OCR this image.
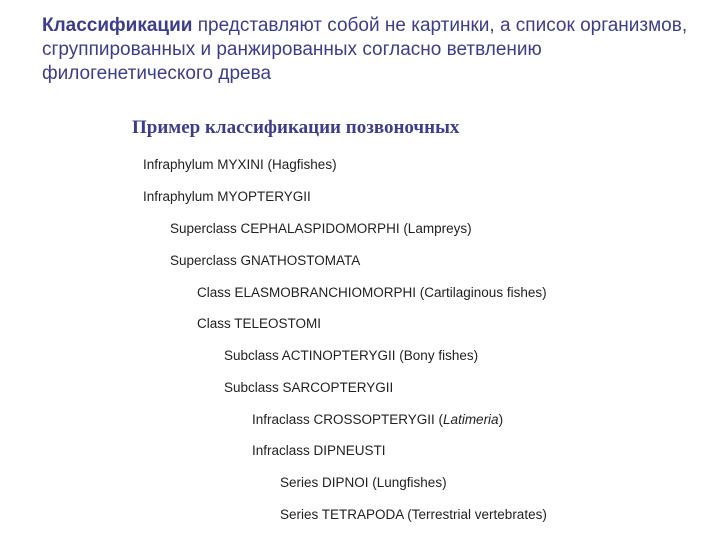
Классификации представляют собой не картинки, а список организмов, сгруппированных и ранжированных согласно ветвлению филогенетического древа

Пример классификации позвоночных
Infraphylum MYXINI (Hagfishes)
Infraphylum MYOPTERYGII
Superclass CEPHALASPIDOMORPHI (Lampreys)
Superclass GNATHOSTOMATA
Class ELASMOBRANCHIOMORPHI (Cartilaginous fishes)
Class TELEOSTOMI
Subclass ACTINOPTERYGII (Bony fishes)
Subclass SARCOPTERYGII
Infraclass CROSSOPTERYGII (Latimeria)
Infraclass DIPNEUSTI
Series DIPNOI (Lungfishes)
Series TETRAPODA (Terrestrial vertebrates)
